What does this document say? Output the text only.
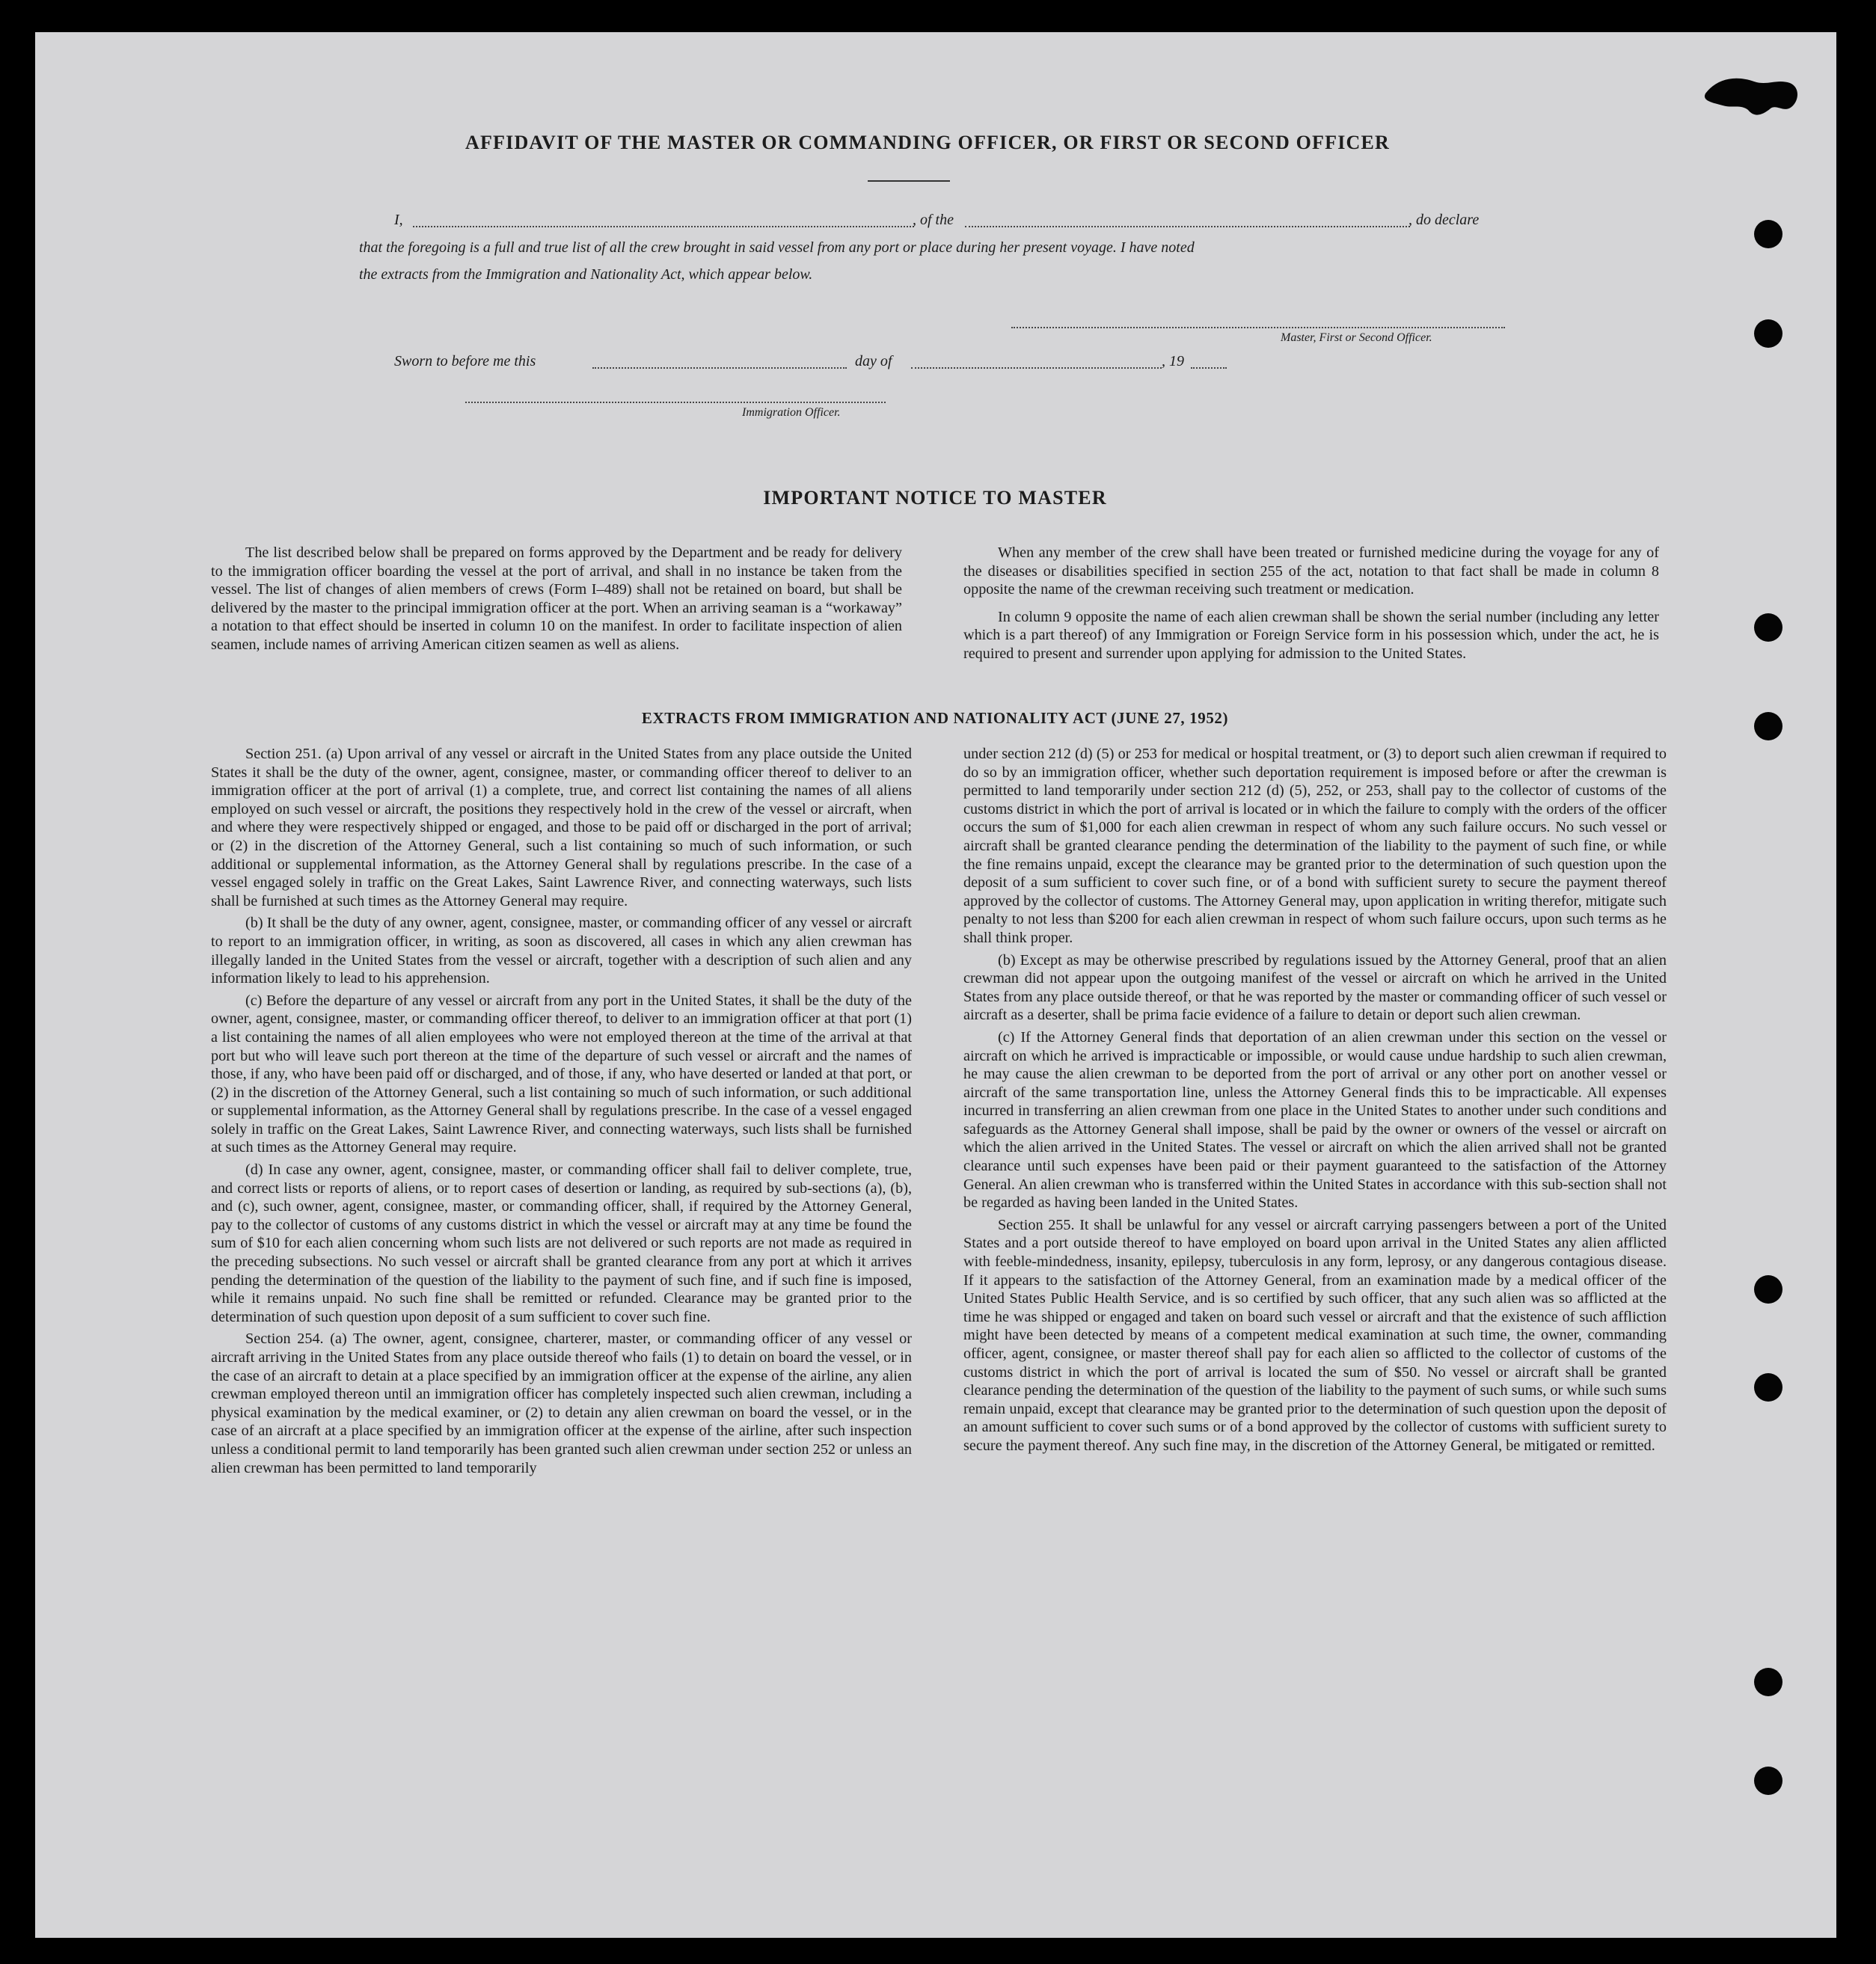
AFFIDAVIT OF THE MASTER OR COMMANDING OFFICER, OR FIRST OR SECOND OFFICER
I,	, of the	, do declare
that the foregoing is a full and true list of all the crew brought in said vessel from any port or place during her present voyage. I have noted
the extracts from the Immigration and Nationality Act, which appear below.
Master, First or Second Officer.
Sworn to before me this	day of	, 19
Immigration Officer.
IMPORTANT NOTICE TO MASTER

The list described below shall be prepared on forms approved by the Department and be ready for delivery to the immigration officer boarding the vessel at the port of arrival, and shall in no instance be taken from the vessel. The list of changes of alien members of crews (Form I–489) shall not be retained on board, but shall be delivered by the master to the principal immigration officer at the port. When an arriving seaman is a “workaway” a notation to that effect should be inserted in column 10 on the manifest. In order to facilitate inspection of alien seamen, include names of arriving American citizen seamen as well as aliens.

When any member of the crew shall have been treated or furnished medicine during the voyage for any of the diseases or disabilities specified in section 255 of the act, notation to that fact shall be made in column 8 opposite the name of the crewman receiving such treatment or medication.

In column 9 opposite the name of each alien crewman shall be shown the serial number (including any letter which is a part thereof) of any Immigration or Foreign Service form in his possession which, under the act, he is required to present and surrender upon applying for admission to the United States.

EXTRACTS FROM IMMIGRATION AND NATIONALITY ACT (JUNE 27, 1952)

Section 251. (a) Upon arrival of any vessel or aircraft in the United States from any place outside the United States it shall be the duty of the owner, agent, consignee, master, or commanding officer thereof to deliver to an immigration officer at the port of arrival (1) a complete, true, and correct list containing the names of all aliens employed on such vessel or aircraft, the positions they respectively hold in the crew of the vessel or aircraft, when and where they were respectively shipped or engaged, and those to be paid off or discharged in the port of arrival; or (2) in the discretion of the Attorney General, such a list containing so much of such information, or such additional or supplemental information, as the Attorney General shall by regulations prescribe. In the case of a vessel engaged solely in traffic on the Great Lakes, Saint Lawrence River, and connecting waterways, such lists shall be furnished at such times as the Attorney General may require.

(b) It shall be the duty of any owner, agent, consignee, master, or commanding officer of any vessel or aircraft to report to an immigration officer, in writing, as soon as discovered, all cases in which any alien crewman has illegally landed in the United States from the vessel or aircraft, together with a description of such alien and any information likely to lead to his apprehension.

(c) Before the departure of any vessel or aircraft from any port in the United States, it shall be the duty of the owner, agent, consignee, master, or commanding officer thereof, to deliver to an immigration officer at that port (1) a list containing the names of all alien employees who were not employed thereon at the time of the arrival at that port but who will leave such port thereon at the time of the departure of such vessel or aircraft and the names of those, if any, who have been paid off or discharged, and of those, if any, who have deserted or landed at that port, or (2) in the discretion of the Attorney General, such a list containing so much of such information, or such additional or supplemental information, as the Attorney General shall by regulations prescribe. In the case of a vessel engaged solely in traffic on the Great Lakes, Saint Lawrence River, and connecting waterways, such lists shall be furnished at such times as the Attorney General may require.

(d) In case any owner, agent, consignee, master, or commanding officer shall fail to deliver complete, true, and correct lists or reports of aliens, or to report cases of desertion or landing, as required by sub-sections (a), (b), and (c), such owner, agent, consignee, master, or commanding officer, shall, if required by the Attorney General, pay to the collector of customs of any customs district in which the vessel or aircraft may at any time be found the sum of $10 for each alien concerning whom such lists are not delivered or such reports are not made as required in the preceding subsections. No such vessel or aircraft shall be granted clearance from any port at which it arrives pending the determination of the question of the liability to the payment of such fine, and if such fine is imposed, while it remains unpaid. No such fine shall be remitted or refunded. Clearance may be granted prior to the determination of such question upon deposit of a sum sufficient to cover such fine.

Section 254. (a) The owner, agent, consignee, charterer, master, or commanding officer of any vessel or aircraft arriving in the United States from any place outside thereof who fails (1) to detain on board the vessel, or in the case of an aircraft to detain at a place specified by an immigration officer at the expense of the airline, any alien crewman employed thereon until an immigration officer has completely inspected such alien crewman, including a physical examination by the medical examiner, or (2) to detain any alien crewman on board the vessel, or in the case of an aircraft at a place specified by an immigration officer at the expense of the airline, after such inspection unless a conditional permit to land temporarily has been granted such alien crewman under section 252 or unless an alien crewman has been permitted to land temporarily

under section 212 (d) (5) or 253 for medical or hospital treatment, or (3) to deport such alien crewman if required to do so by an immigration officer, whether such deportation requirement is imposed before or after the crewman is permitted to land temporarily under section 212 (d) (5), 252, or 253, shall pay to the collector of customs of the customs district in which the port of arrival is located or in which the failure to comply with the orders of the officer occurs the sum of $1,000 for each alien crewman in respect of whom any such failure occurs. No such vessel or aircraft shall be granted clearance pending the determination of the liability to the payment of such fine, or while the fine remains unpaid, except the clearance may be granted prior to the determination of such question upon the deposit of a sum sufficient to cover such fine, or of a bond with sufficient surety to secure the payment thereof approved by the collector of customs. The Attorney General may, upon application in writing therefor, mitigate such penalty to not less than $200 for each alien crewman in respect of whom such failure occurs, upon such terms as he shall think proper.

(b) Except as may be otherwise prescribed by regulations issued by the Attorney General, proof that an alien crewman did not appear upon the outgoing manifest of the vessel or aircraft on which he arrived in the United States from any place outside thereof, or that he was reported by the master or commanding officer of such vessel or aircraft as a deserter, shall be prima facie evidence of a failure to detain or deport such alien crewman.

(c) If the Attorney General finds that deportation of an alien crewman under this section on the vessel or aircraft on which he arrived is impracticable or impossible, or would cause undue hardship to such alien crewman, he may cause the alien crewman to be deported from the port of arrival or any other port on another vessel or aircraft of the same transportation line, unless the Attorney General finds this to be impracticable. All expenses incurred in transferring an alien crewman from one place in the United States to another under such conditions and safeguards as the Attorney General shall impose, shall be paid by the owner or owners of the vessel or aircraft on which the alien arrived in the United States. The vessel or aircraft on which the alien arrived shall not be granted clearance until such expenses have been paid or their payment guaranteed to the satisfaction of the Attorney General. An alien crewman who is transferred within the United States in accordance with this sub-section shall not be regarded as having been landed in the United States.

Section 255. It shall be unlawful for any vessel or aircraft carrying passengers between a port of the United States and a port outside thereof to have employed on board upon arrival in the United States any alien afflicted with feeble-mindedness, insanity, epilepsy, tuberculosis in any form, leprosy, or any dangerous contagious disease. If it appears to the satisfaction of the Attorney General, from an examination made by a medical officer of the United States Public Health Service, and is so certified by such officer, that any such alien was so afflicted at the time he was shipped or engaged and taken on board such vessel or aircraft and that the existence of such affliction might have been detected by means of a competent medical examination at such time, the owner, commanding officer, agent, consignee, or master thereof shall pay for each alien so afflicted to the collector of customs of the customs district in which the port of arrival is located the sum of $50. No vessel or aircraft shall be granted clearance pending the determination of the question of the liability to the payment of such sums, or while such sums remain unpaid, except that clearance may be granted prior to the determination of such question upon the deposit of an amount sufficient to cover such sums or of a bond approved by the collector of customs with sufficient surety to secure the payment thereof. Any such fine may, in the discretion of the Attorney General, be mitigated or remitted.
